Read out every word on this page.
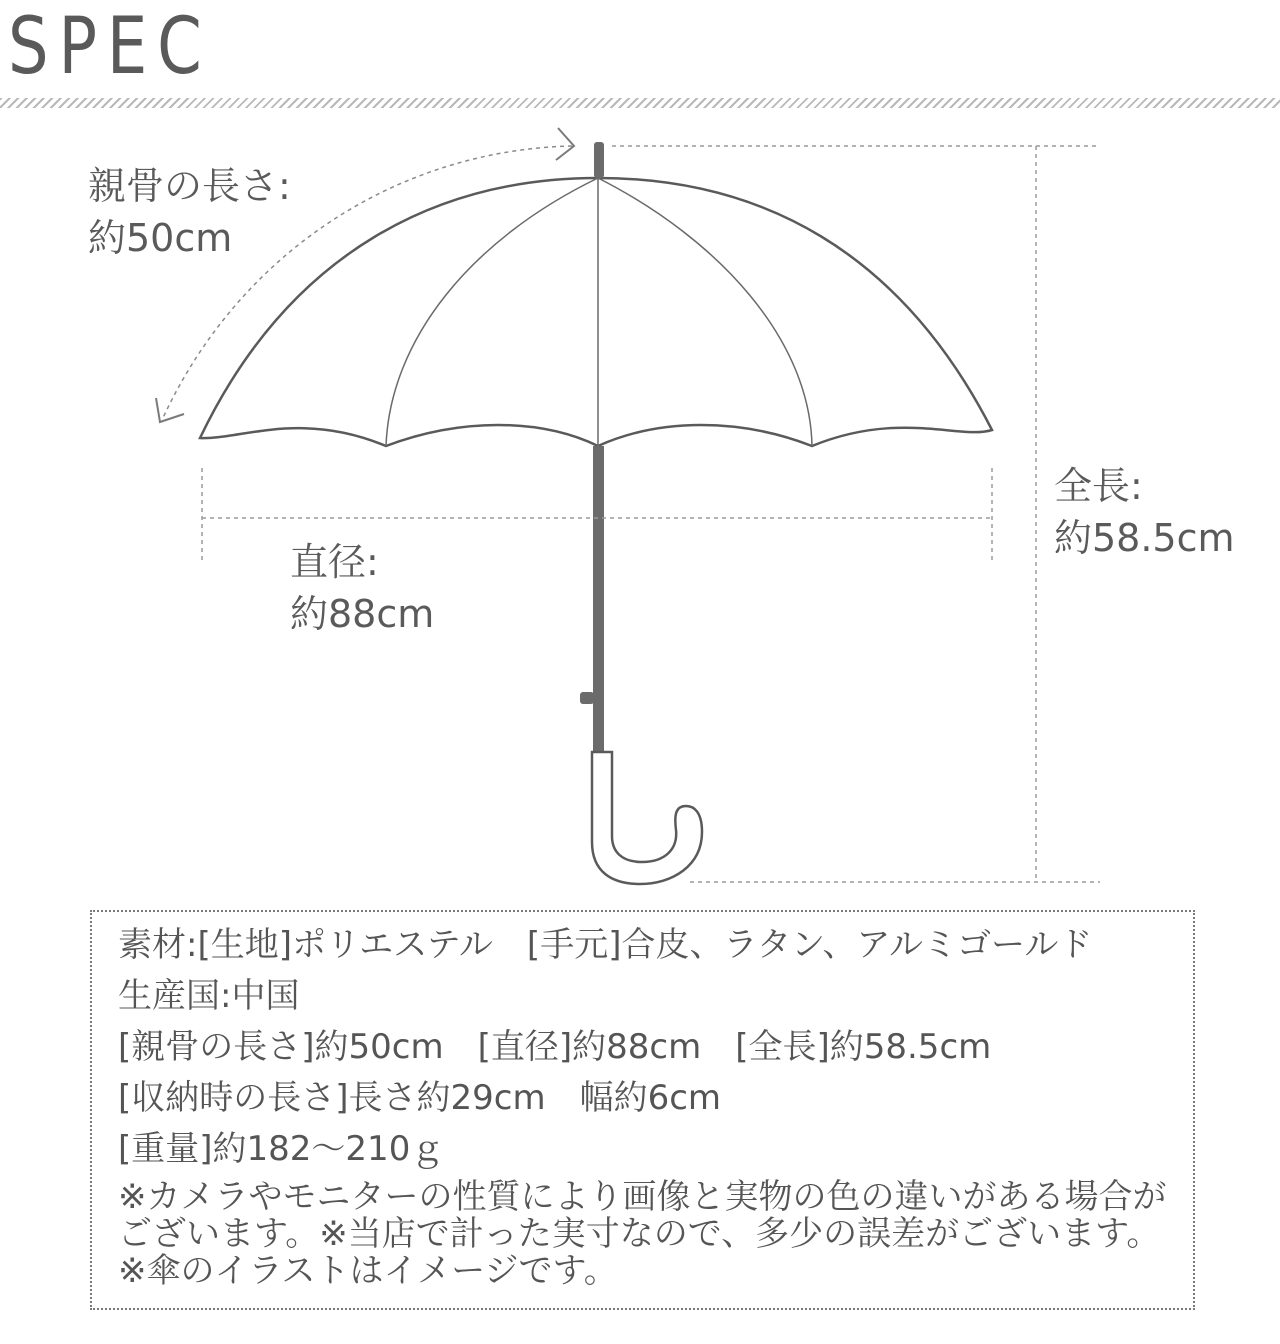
SPEC
親骨の長さ:
約50cm
直径:
約88cm
全長:
約58.5cm
素材:[生地]ポリエステル　[手元]合皮、ラタン、アルミゴールド
生産国:中国
[親骨の長さ]約50cm　[直径]約88cm　[全長]約58.5cm
[収納時の長さ]長さ約29cm　幅約6cm
[重量]約182〜210ｇ
※カメラやモニターの性質により画像と実物の色の違いがある場合がございます。※当店で計った実寸なので、多少の誤差がございます。※傘のイラストはイメージです。
